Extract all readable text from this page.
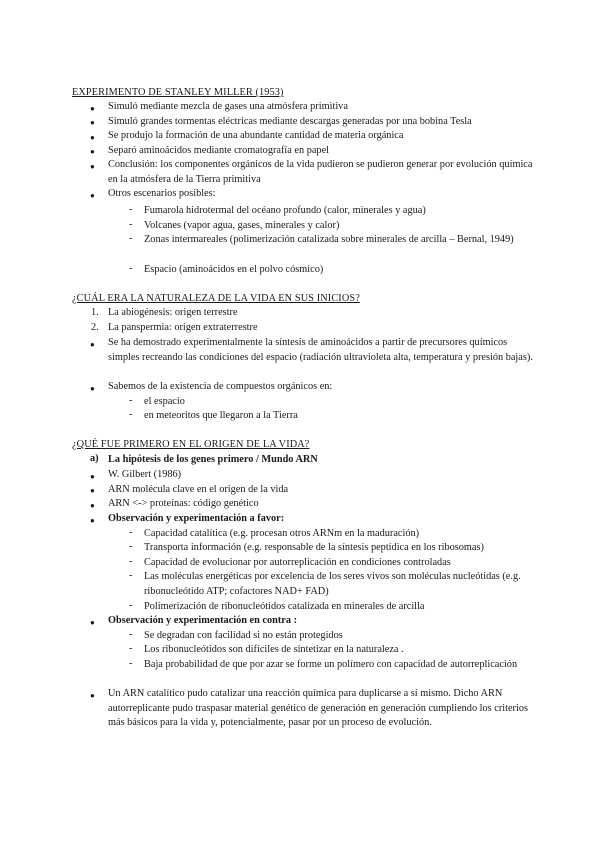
EXPERIMENTO DE STANLEY MILLER (1953)
●	Simuló mediante mezcla de gases una atmósfera primitiva
●	Simuló grandes tormentas eléctricas mediante descargas generadas por una bobina Tesla
●	Se produjo la formación de una abundante cantidad de materia orgánica
●	Separó aminoácidos mediante cromatografía en papel
●	Conclusión: los componentes orgánicos de la vida pudieron se pudieron generar por evolución química en la atmósfera de la Tierra primitiva
●	Otros escenarios posibles:
- Fumarola hidrotermal del océano profundo (calor, minerales y agua)
- Volcanes (vapor agua, gases, minerales y calor)
- Zonas intermareales (polimerización catalizada sobre minerales de arcilla – Bernal, 1949)
- Espacio (aminoácidos en el polvo cósmico)
¿CUÁL ERA LA NATURALEZA DE LA VIDA EN SUS INICIOS?
1. La abiogénesis: origen terrestre
2. La panspermia: origen extraterrestre
●	Se ha demostrado experimentalmente la síntesis de aminoácidos a partir de precursores químicos simples recreando las condiciones del espacio (radiación ultravioleta alta, temperatura y presión bajas).
●	Sabemos de la existencia de compuestos orgánicos en:
- el espacio
- en meteoritos que llegaron a la Tierra
¿QUÉ FUE PRIMERO EN EL ORIGEN DE LA VIDA?
a) La hipótesis de los genes primero / Mundo ARN
●	W. Gilbert (1986)
●	ARN molécula clave en el origen de la vida
●	ARN <-> proteínas: código genético
●	Observación y experimentación a favor:
- Capacidad catalítica (e.g. procesan otros ARNm en la maduración)
- Transporta información (e.g. responsable de la síntesis peptídica en los ribosomas)
- Capacidad de evolucionar por autorreplicación en condiciones controladas
- Las moléculas energéticas por excelencia de los seres vivos son moléculas nucleótidas (e.g. ribonucleótido ATP; cofactores NAD+ FAD)
- Polimerización de ribonucleótidos catalizada en minerales de arcilla
●	Observación y experimentación en contra :
- Se degradan con facilidad si no están protegidos
- Los ribonucleótidos son difíciles de sintetizar en la naturaleza .
- Baja probabilidad de que por azar se forme un polímero con capacidad de autorreplicación
●	Un ARN catalítico pudo catalizar una reacción química para duplicarse a sí mismo. Dicho ARN autorreplicante pudo traspasar material genético de generación en generación cumpliendo los criterios más básicos para la vida y, potencialmente, pasar por un proceso de evolución.
